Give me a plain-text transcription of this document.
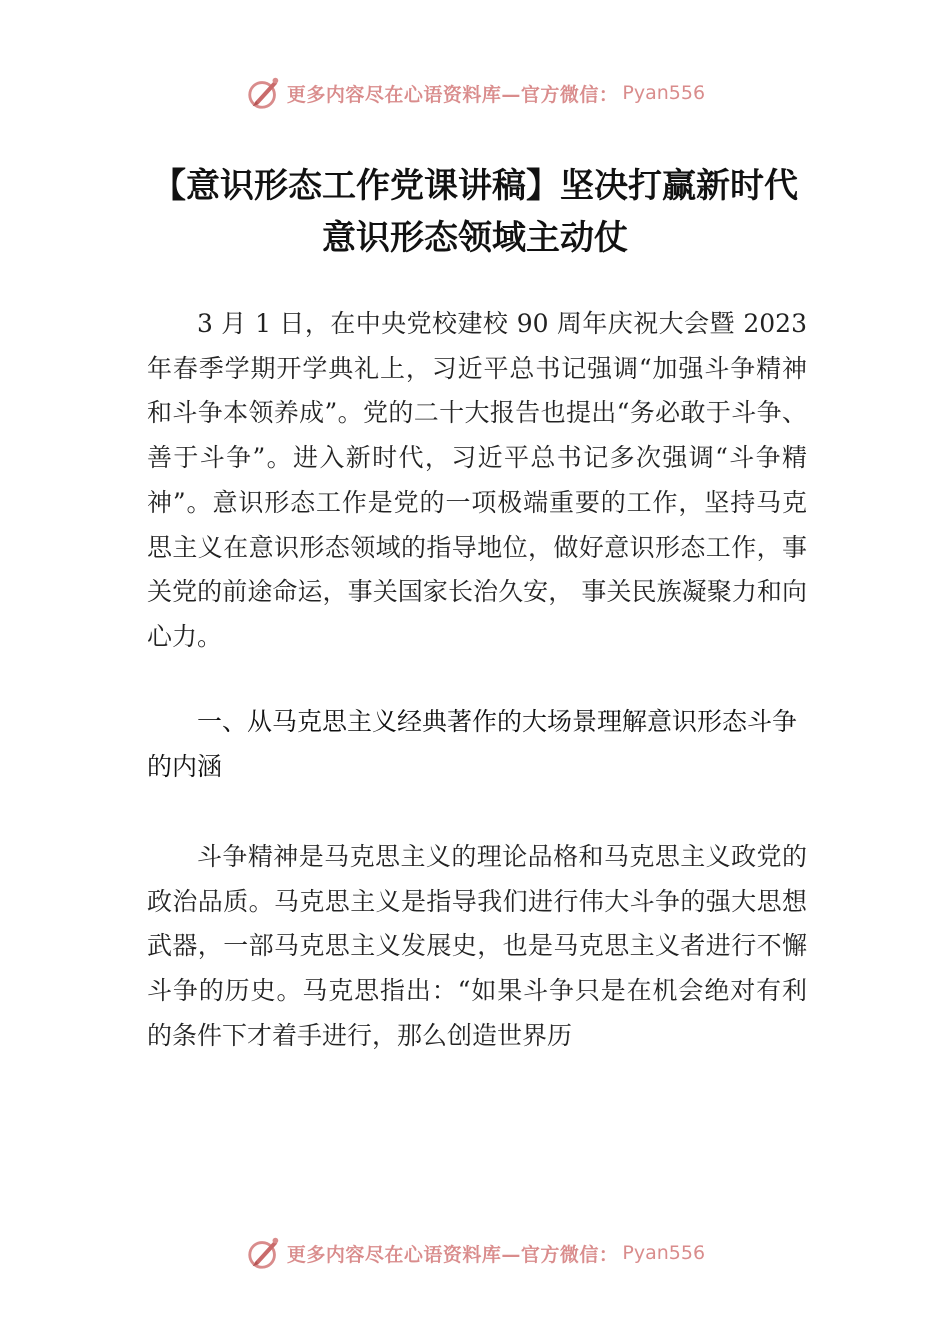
更多内容尽在心语资料库—官方微信： Pyan556
【意识形态工作党课讲稿】坚决打赢新时代
意识形态领域主动仗

3 月 1 日，在中央党校建校 90 周年庆祝大会暨 2023 年春季学期开学典礼上，习近平总书记强调“加强斗争精神和斗争本领养成”。党的二十大报告也提出“务必敢于斗争、善于斗争”。进入新时代，习近平总书记多次强调“斗争精神”。意识形态工作是党的一项极端重要的工作，坚持马克思主义在意识形态领域的指导地位，做好意识形态工作，事关党的前途命运，事关国家长治久安， 事关民族凝聚力和向心力。

一、从马克思主义经典著作的大场景理解意识形态斗争的内涵

斗争精神是马克思主义的理论品格和马克思主义政党的政治品质。马克思主义是指导我们进行伟大斗争的强大思想武器，一部马克思主义发展史，也是马克思主义者进行不懈斗争的历史。马克思指出：“如果斗争只是在机会绝对有利的条件下才着手进行，那么创造世界历

更多内容尽在心语资料库—官方微信： Pyan556
